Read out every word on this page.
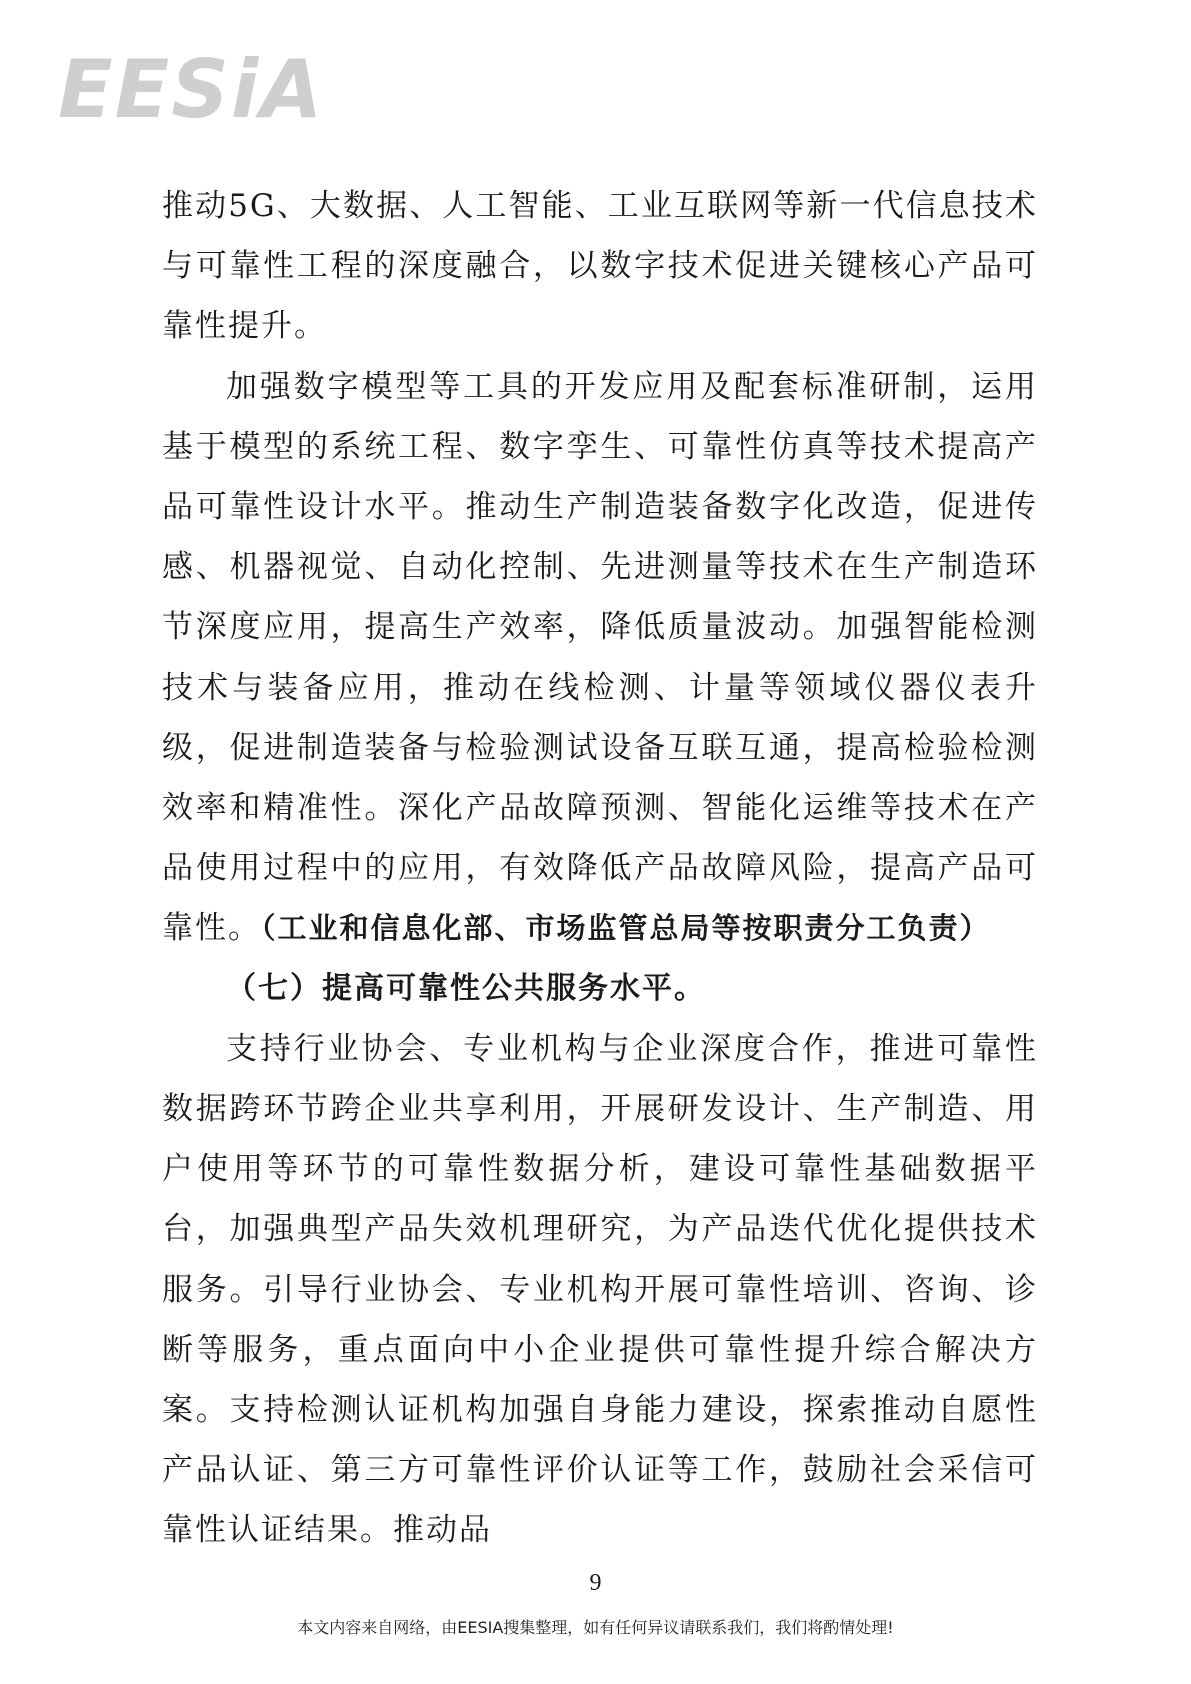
EESiA

推动5G、大数据、人工智能、工业互联网等新一代信息技术与可靠性工程的深度融合，以数字技术促进关键核心产品可靠性提升。

加强数字模型等工具的开发应用及配套标准研制，运用基于模型的系统工程、数字孪生、可靠性仿真等技术提高产品可靠性设计水平。推动生产制造装备数字化改造，促进传感、机器视觉、自动化控制、先进测量等技术在生产制造环节深度应用，提高生产效率，降低质量波动。加强智能检测技术与装备应用，推动在线检测、计量等领域仪器仪表升级，促进制造装备与检验测试设备互联互通，提高检验检测效率和精准性。深化产品故障预测、智能化运维等技术在产品使用过程中的应用，有效降低产品故障风险，提高产品可靠性。（工业和信息化部、市场监管总局等按职责分工负责）

（七）提高可靠性公共服务水平。

支持行业协会、专业机构与企业深度合作，推进可靠性数据跨环节跨企业共享利用，开展研发设计、生产制造、用户使用等环节的可靠性数据分析，建设可靠性基础数据平台，加强典型产品失效机理研究，为产品迭代优化提供技术服务。引导行业协会、专业机构开展可靠性培训、咨询、诊断等服务，重点面向中小企业提供可靠性提升综合解决方案。支持检测认证机构加强自身能力建设，探索推动自愿性产品认证、第三方可靠性评价认证等工作，鼓励社会采信可靠性认证结果。推动品

9
本文内容来自网络，由EESIA搜集整理，如有任何异议请联系我们，我们将酌情处理!
